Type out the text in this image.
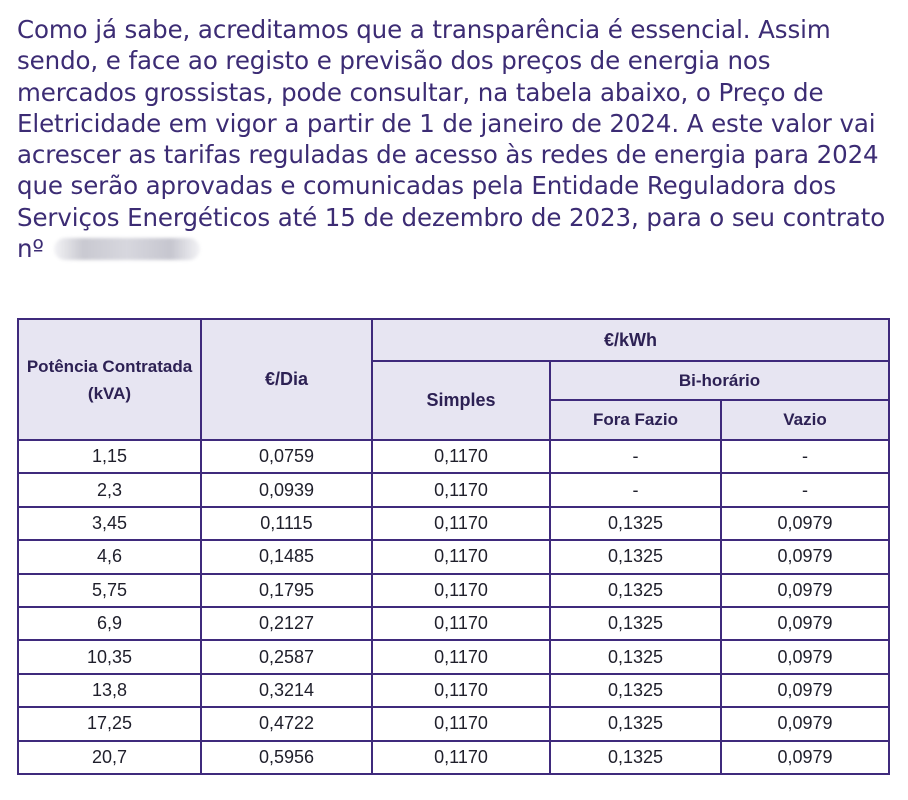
Como já sabe, acreditamos que a transparência é essencial. Assim sendo, e face ao registo e previsão dos preços de energia nos mercados grossistas, pode consultar, na tabela abaixo, o Preço de Eletricidade em vigor a partir de 1 de janeiro de 2024. A este valor vai acrescer as tarifas reguladas de acesso às redes de energia para 2024 que serão aprovadas e comunicadas pela Entidade Reguladora dos Serviços Energéticos até 15 de dezembro de 2023, para o seu contrato nº

Potência Contratada
(kVA)	€/Dia	€/kWh		
		Simples	Bi-horário	
			Fora Fazio	Vazio
1,15	0,0759	0,1170	-	-
2,3	0,0939	0,1170	-	-
3,45	0,1115	0,1170	0,1325	0,0979
4,6	0,1485	0,1170	0,1325	0,0979
5,75	0,1795	0,1170	0,1325	0,0979
6,9	0,2127	0,1170	0,1325	0,0979
10,35	0,2587	0,1170	0,1325	0,0979
13,8	0,3214	0,1170	0,1325	0,0979
17,25	0,4722	0,1170	0,1325	0,0979
20,7	0,5956	0,1170	0,1325	0,0979
